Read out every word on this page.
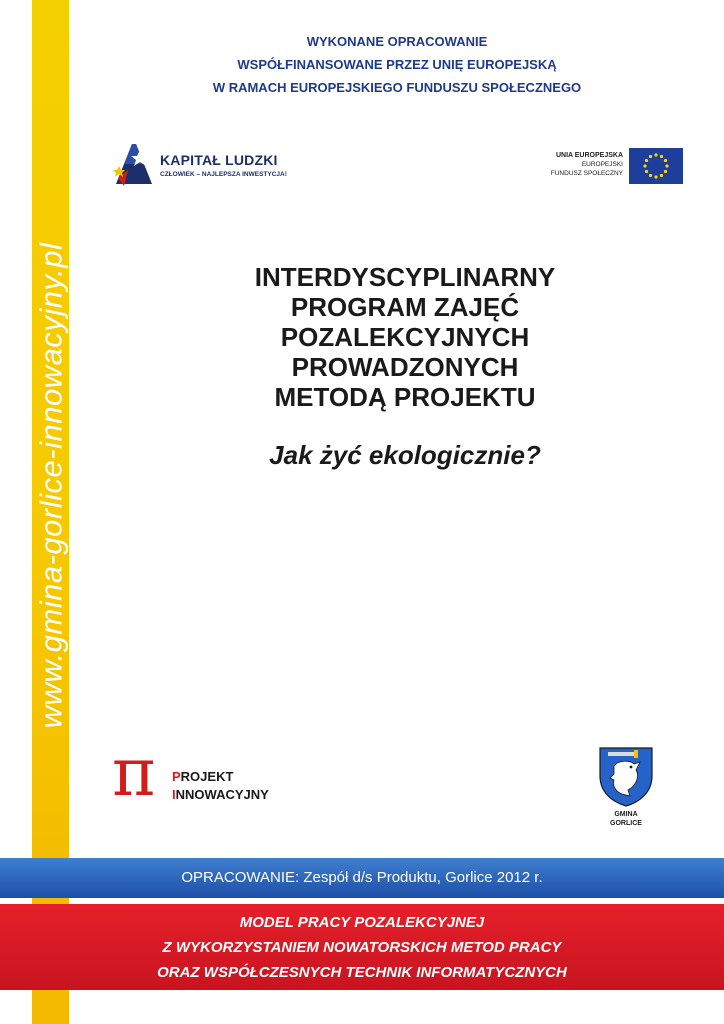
www.gmina-gorlice-innowacyjny.pl
WYKONANE OPRACOWANIE
WSPÓŁFINANSOWANE PRZEZ UNIĘ EUROPEJSKĄ
W RAMACH EUROPEJSKIEGO FUNDUSZU SPOŁECZNEGO
KAPITAŁ LUDZKI
CZŁOWIEK – NAJLEPSZA INWESTYCJA!
UNIA EUROPEJSKA
EUROPEJSKI
FUNDUSZ SPOŁECZNY
INTERDYSCYPLINARNY
PROGRAM ZAJĘĆ
POZALEKCYJNYCH
PROWADZONYCH
METODĄ PROJEKTU
Jak żyć ekologicznie?
π PROJEKT
INNOWACYJNY
GMINA
GORLICE
OPRACOWANIE: Zespół d/s Produktu, Gorlice 2012 r.
MODEL PRACY POZALEKCYJNEJ
Z WYKORZYSTANIEM NOWATORSKICH METOD PRACY
ORAZ WSPÓŁCZESNYCH TECHNIK INFORMATYCZNYCH
